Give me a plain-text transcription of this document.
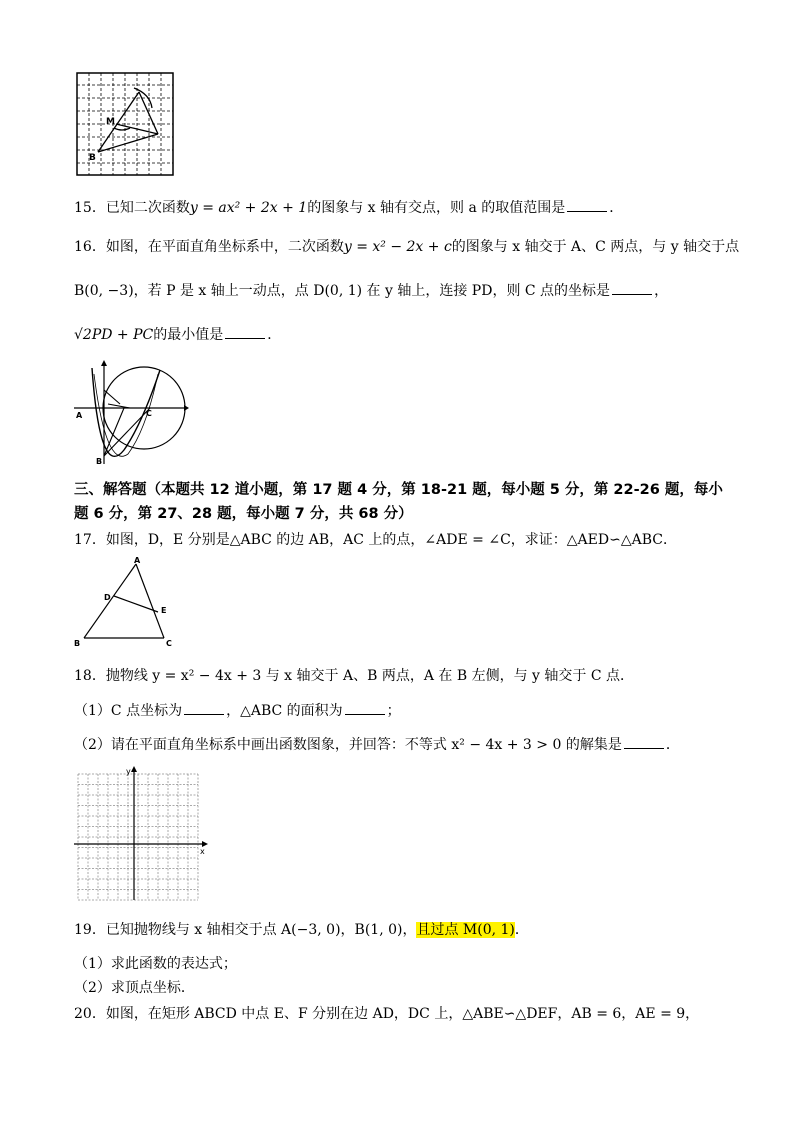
M
B
15．已知二次函数y = ax² + 2x + 1的图象与 x 轴有交点，则 a 的取值范围是	．
16．如图，在平面直角坐标系中，二次函数y = x² − 2x + c的图象与 x 轴交于 A、C 两点，与 y 轴交于点
B(0, −3)，若 P 是 x 轴上一动点，点 D(0, 1) 在 y 轴上，连接 PD，则 C 点的坐标是	，
√2PD + PC的最小值是	．
A	C
B
三、解答题（本题共 12 道小题，第 17 题 4 分，第 18-21 题，每小题 5 分，第 22-26 题，每小题 6 分，第 27、28 题，每小题 7 分，共 68 分）
17．如图，D，E 分别是△ABC 的边 AB，AC 上的点，∠ADE = ∠C，求证：△AED∽△ABC．
A
D
E
B	C
18．抛物线 y = x² − 4x + 3 与 x 轴交于 A、B 两点，A 在 B 左侧，与 y 轴交于 C 点．
（1）C 点坐标为	，△ABC 的面积为	；
（2）请在平面直角坐标系中画出函数图象，并回答：不等式 x² − 4x + 3 > 0 的解集是	．
x
y
19．已知抛物线与 x 轴相交于点 A(−3, 0)，B(1, 0)，且过点 M(0, 1)．
（1）求此函数的表达式；
（2）求顶点坐标．
20．如图，在矩形 ABCD 中点 E、F 分别在边 AD，DC 上，△ABE∽△DEF，AB = 6，AE = 9，
